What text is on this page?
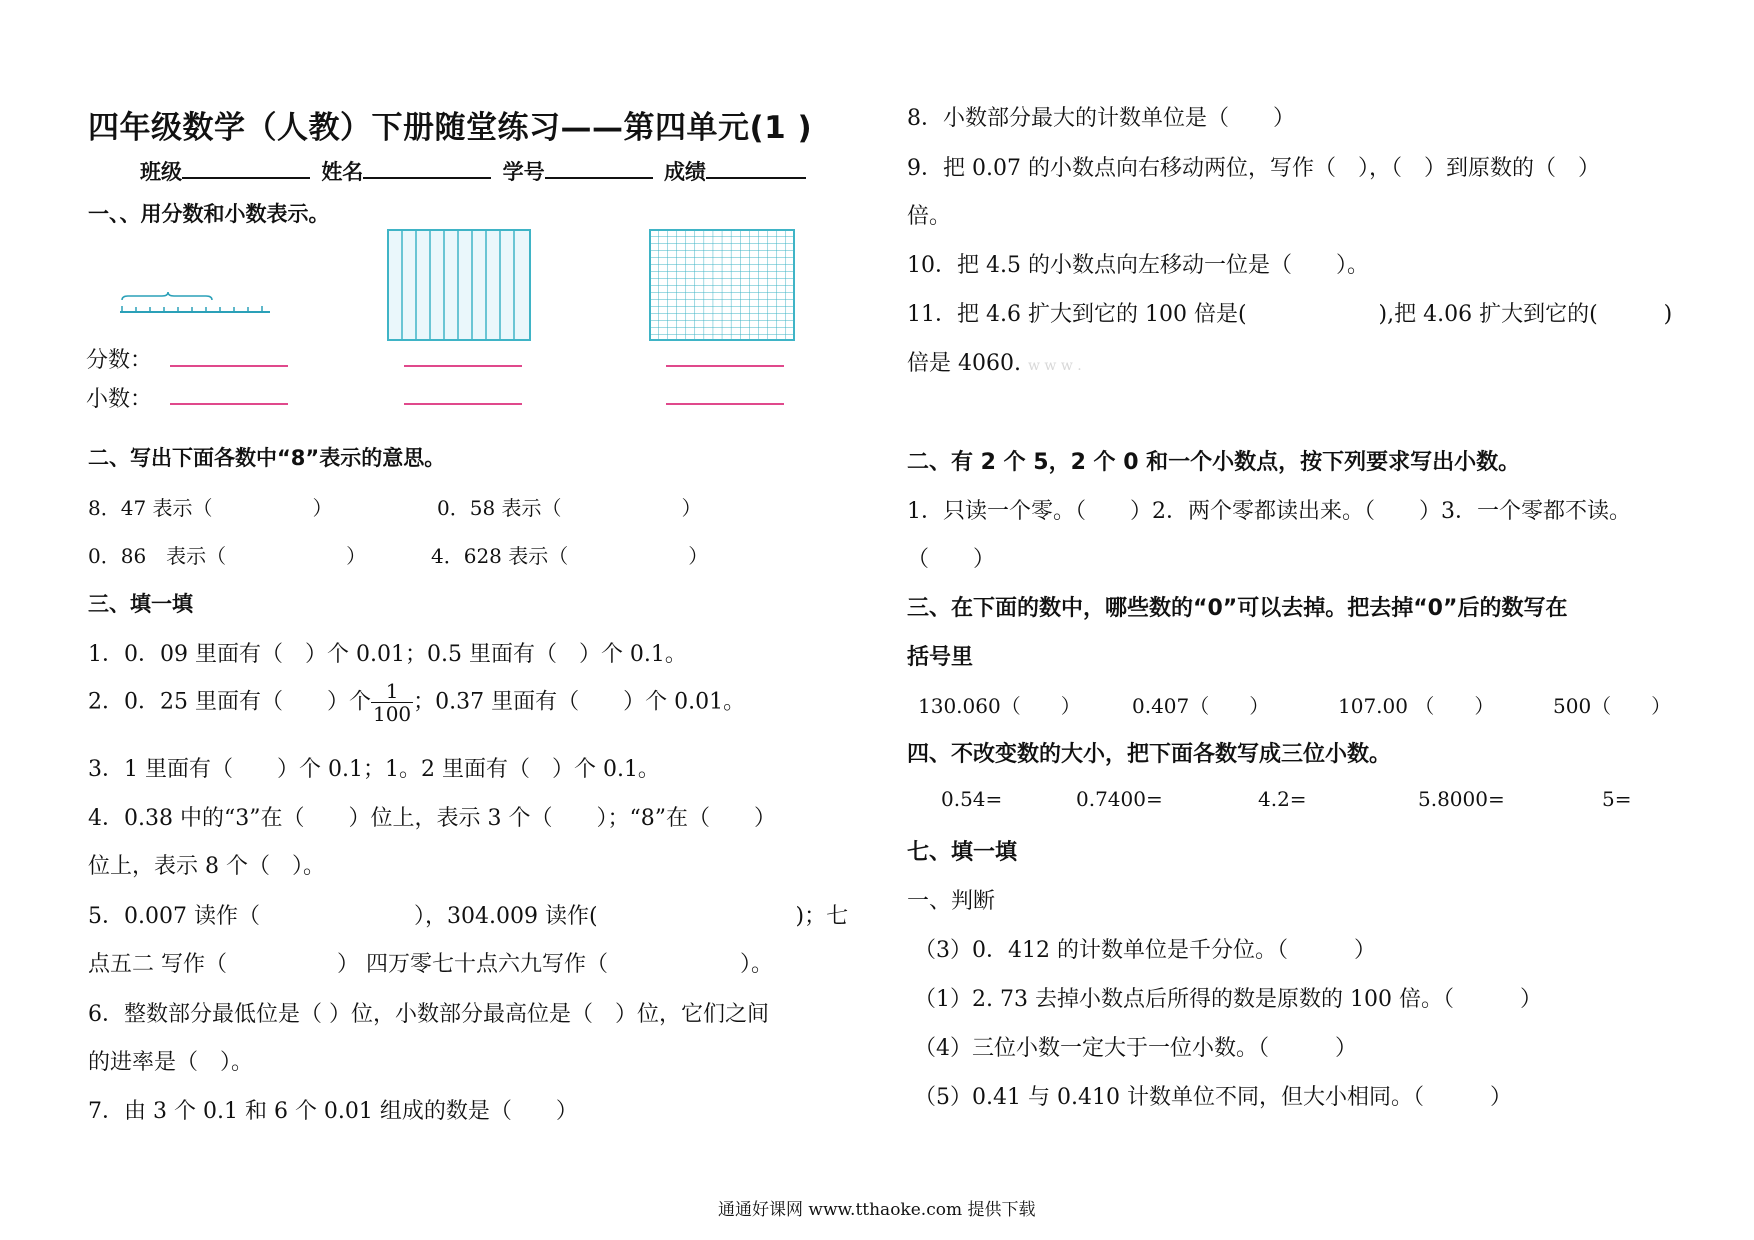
四年级数学（人教）下册随堂练习——第四单元(1 )
班级	姓名	学号	成绩
一、、用分数和小数表示。
分数：
小数：
二、写出下面各数中“8”表示的意思。
8．47 表示（　　　　　）	0．58 表示（　　　　　　）
0．86　表示（　　　　　　）	4．628 表示（　　　　　　）
三、填一填
1．0．09 里面有（　）个 0.01；0.5 里面有（　）个 0.1。
2．0．25 里面有（　　）个 $\frac{1}{100}$ ；0.37 里面有（　　）个 0.01。
3．1 里面有（　　）个 0.1；1。2 里面有（　）个 0.1。
4．0.38 中的“3”在（　　）位上，表示 3 个（　　）；“8”在（　　）
位上，表示 8 个（　）。
5．0.007 读作（　　　　　　　），304.009 读作(　　　　　　　　　)；七
点五二 写作（　　　　　） 四万零七十点六九写作（　　　　　　）。
6．整数部分最低位是（ ）位，小数部分最高位是（　）位，它们之间
的进率是（　）。
7．由 3 个 0.1 和 6 个 0.01 组成的数是（　　）
8．小数部分最大的计数单位是（　　）
9．把 0.07 的小数点向右移动两位，写作（　），（　）到原数的（　）
倍。
10．把 4.5 的小数点向左移动一位是（　　）。
11．把 4.6 扩大到它的 100 倍是(　　　　　　),把 4.06 扩大到它的(　　　)
倍是 4060. w w w .
二、有 2 个 5，2 个 0 和一个小数点，按下列要求写出小数。
1．只读一个零。（　　）2．两个零都读出来。（　　）3．一个零都不读。
（　　）
三、在下面的数中，哪些数的“0”可以去掉。把去掉“0”后的数写在
括号里
130.060（　　）	0.407（　　）	107.00 （　　）	500（　　）
四、不改变数的大小，把下面各数写成三位小数。
0.54=	0.7400=	4.2=	5.8000=	5=
七、填一填
一、判断
（3）0．412 的计数单位是千分位。（　　　）
（1）2. 73 去掉小数点后所得的数是原数的 100 倍。（　　　）
（4）三位小数一定大于一位小数。（　　　）
（5）0.41 与 0.410 计数单位不同，但大小相同。（　　　）
通通好课网 www.tthaoke.com 提供下载
